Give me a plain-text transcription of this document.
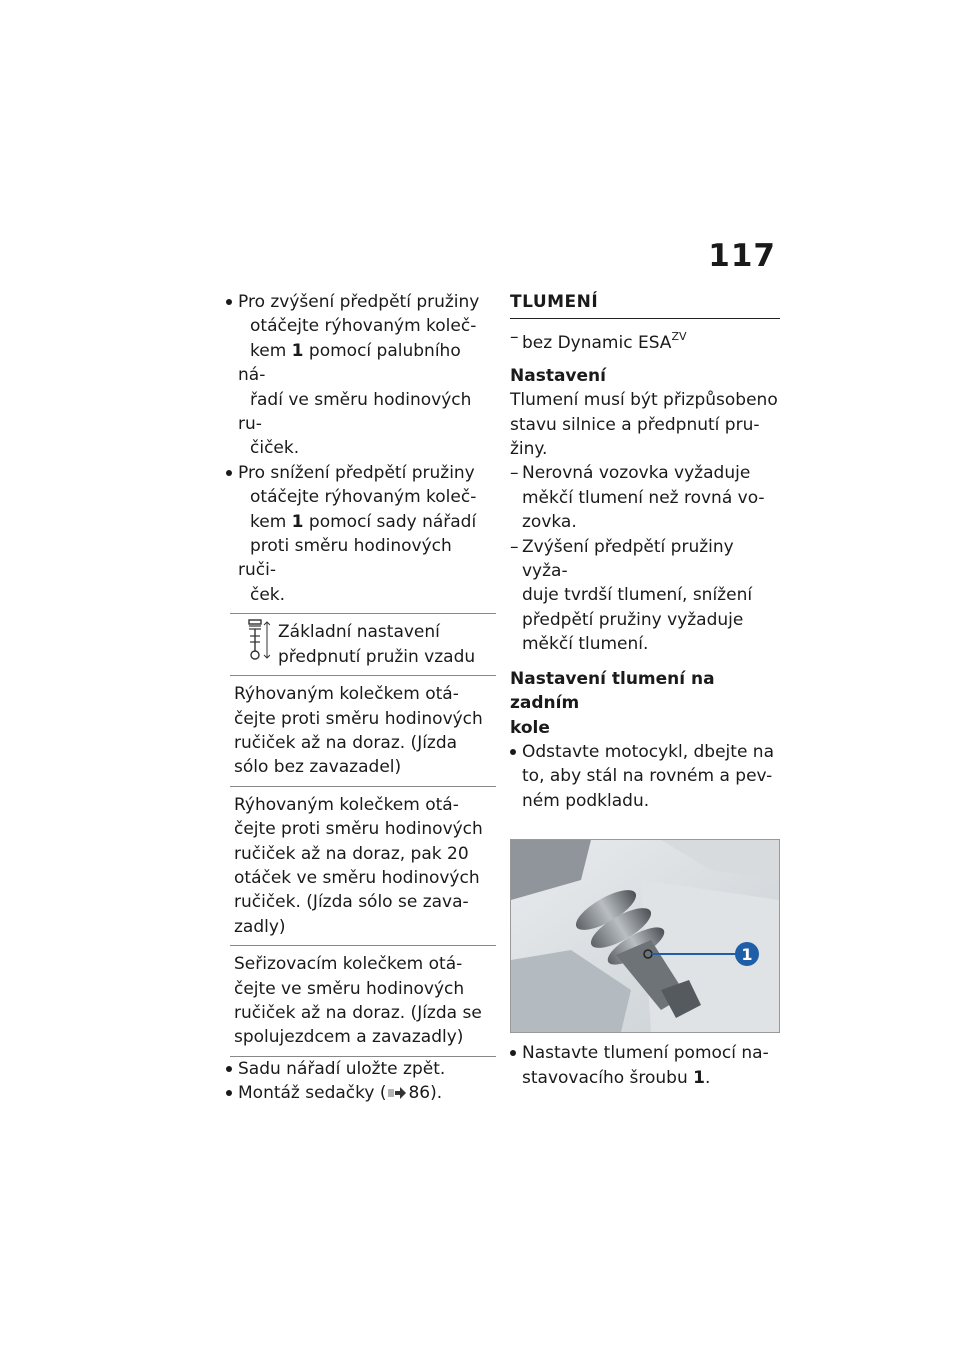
117

Pro zvýšení předpětí pružiny
otáčejte rýhovaným koleč-
kem 1 pomocí palubního ná-
řadí ve směru hodinových ru-
čiček.

Pro snížení předpětí pružiny
otáčejte rýhovaným koleč-
kem 1 pomocí sady nářadí
proti směru hodinových ruči-
ček.

Základní nastavení
předpnutí pružin vzadu
Rýhovaným kolečkem otá-
čejte proti směru hodinových
ručiček až na doraz. (Jízda
sólo bez zavazadel)
Rýhovaným kolečkem otá-
čejte proti směru hodinových
ručiček až na doraz, pak 20
otáček ve směru hodinových
ručiček. (Jízda sólo se zava-
zadly)
Seřizovacím kolečkem otá-
čejte ve směru hodinových
ručiček až na doraz. (Jízda se
spolujezdcem a zavazadly)

Sadu nářadí uložte zpět.

Montáž sedačky ( 86).

TLUMENÍ

– bez Dynamic $ESA^{ZV}$

Nastavení

Tlumení musí být přizpůsobeno
stavu silnice a předpnutí pru-
žiny.

– Nerovná vozovka vyžaduje
měkčí tlumení než rovná vo-
zovka.

– Zvýšení předpětí pružiny vyža-
duje tvrdší tlumení, snížení
předpětí pružiny vyžaduje
měkčí tlumení.

Nastavení tlumení na zadním
kole

Odstavte motocykl, dbejte na
to, aby stál na rovném a pev-
ném podkladu.

1

Nastavte tlumení pomocí na-
stavovacího šroubu 1.
